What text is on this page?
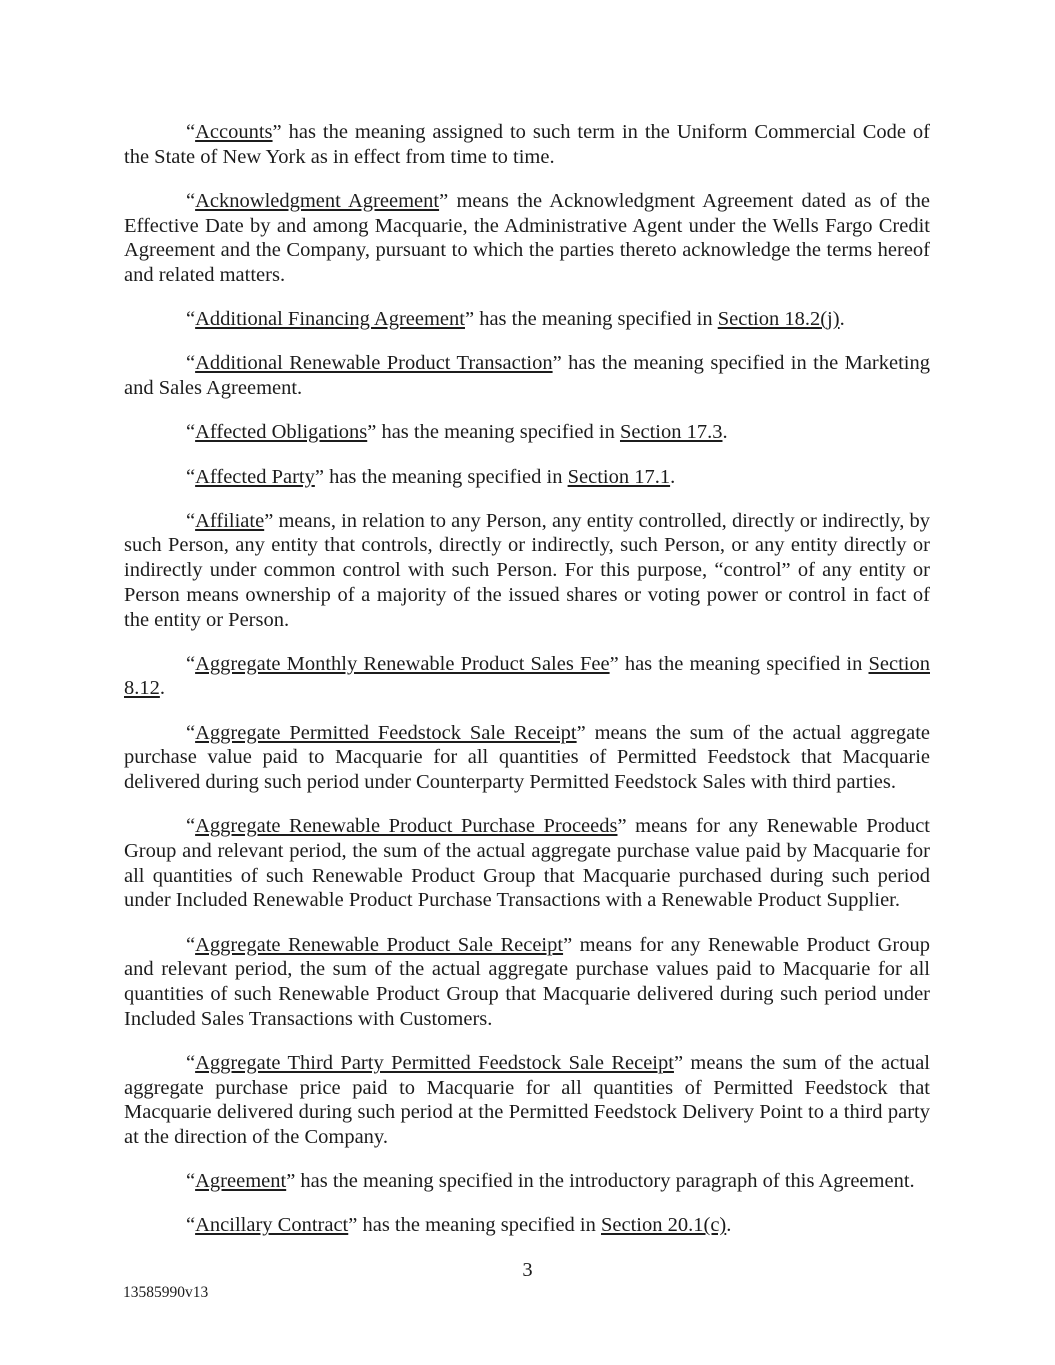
“Accounts” has the meaning assigned to such term in the Uniform Commercial Code of the State of New York as in effect from time to time.

“Acknowledgment Agreement” means the Acknowledgment Agreement dated as of the Effective Date by and among Macquarie, the Administrative Agent under the Wells Fargo Credit Agreement and the Company, pursuant to which the parties thereto acknowledge the terms hereof and related matters.

“Additional Financing Agreement” has the meaning specified in Section 18.2(j).

“Additional Renewable Product Transaction” has the meaning specified in the Marketing and Sales Agreement.

“Affected Obligations” has the meaning specified in Section 17.3.

“Affected Party” has the meaning specified in Section 17.1.

“Affiliate” means, in relation to any Person, any entity controlled, directly or indirectly, by such Person, any entity that controls, directly or indirectly, such Person, or any entity directly or indirectly under common control with such Person. For this purpose, “control” of any entity or Person means ownership of a majority of the issued shares or voting power or control in fact of the entity or Person.

“Aggregate Monthly Renewable Product Sales Fee” has the meaning specified in Section 8.12.

“Aggregate Permitted Feedstock Sale Receipt” means the sum of the actual aggregate purchase value paid to Macquarie for all quantities of Permitted Feedstock that Macquarie delivered during such period under Counterparty Permitted Feedstock Sales with third parties.

“Aggregate Renewable Product Purchase Proceeds” means for any Renewable Product Group and relevant period, the sum of the actual aggregate purchase value paid by Macquarie for all quantities of such Renewable Product Group that Macquarie purchased during such period under Included Renewable Product Purchase Transactions with a Renewable Product Supplier.

“Aggregate Renewable Product Sale Receipt” means for any Renewable Product Group and relevant period, the sum of the actual aggregate purchase values paid to Macquarie for all quantities of such Renewable Product Group that Macquarie delivered during such period under Included Sales Transactions with Customers.

“Aggregate Third Party Permitted Feedstock Sale Receipt” means the sum of the actual aggregate purchase price paid to Macquarie for all quantities of Permitted Feedstock that Macquarie delivered during such period at the Permitted Feedstock Delivery Point to a third party at the direction of the Company.

“Agreement” has the meaning specified in the introductory paragraph of this Agreement.

“Ancillary Contract” has the meaning specified in Section 20.1(c).

3
13585990v13
